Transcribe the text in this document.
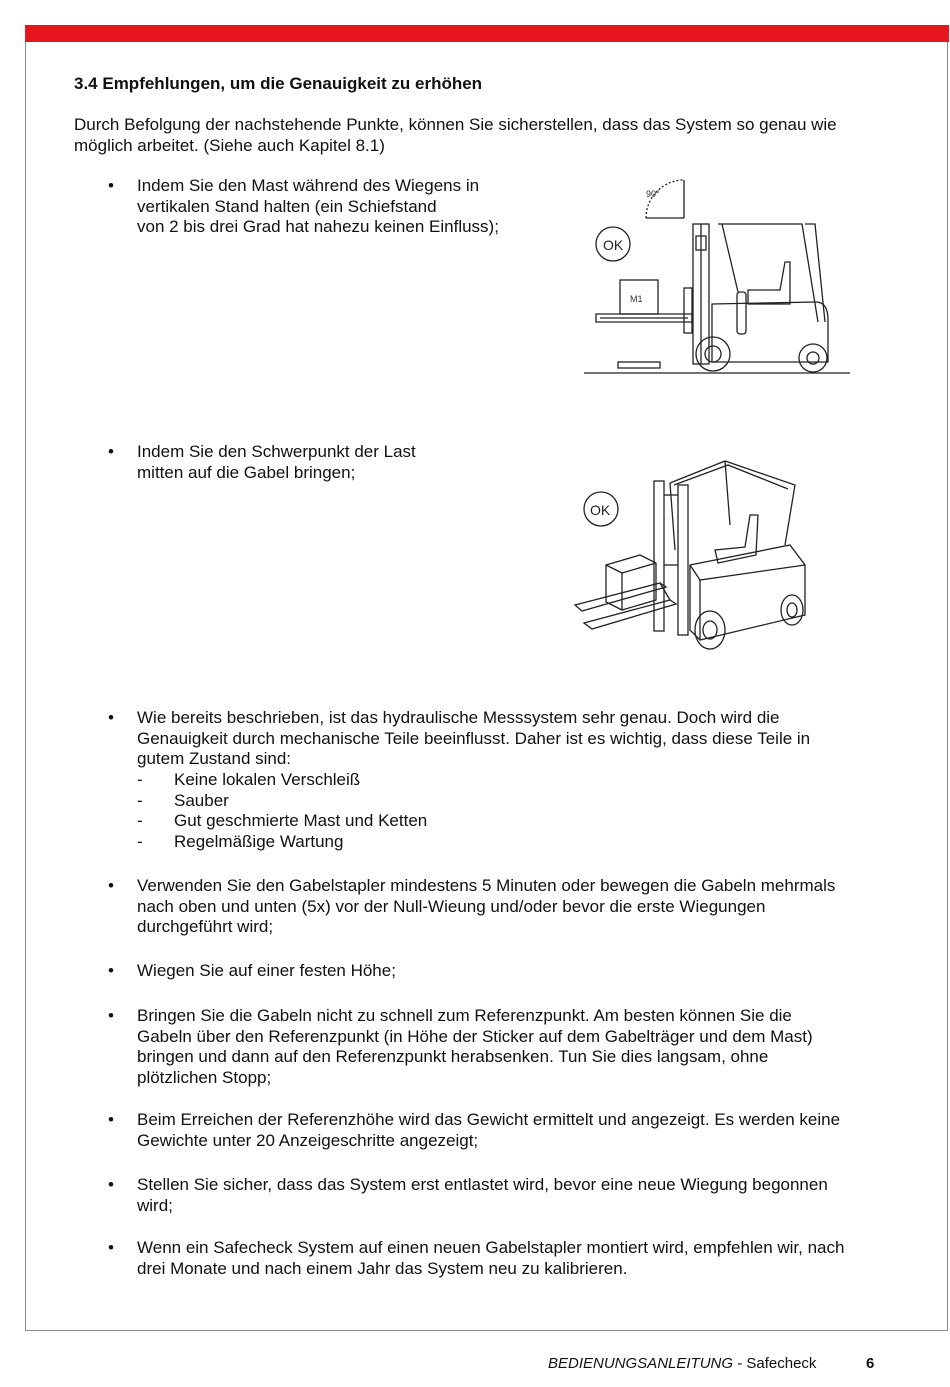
3.4 Empfehlungen, um die Genauigkeit zu erhöhen

Durch Befolgung der nachstehende Punkte, können Sie sicherstellen, dass das System so genau wie möglich arbeitet. (Siehe auch Kapitel 8.1)

• Indem Sie den Mast während des Wiegens in
vertikalen Stand halten (ein Schiefstand
von 2 bis drei Grad hat nahezu keinen Einfluss);
90°
OK
M1
• Indem Sie den Schwerpunkt der Last
mitten auf die Gabel bringen;
OK
• Wie bereits beschrieben, ist das hydraulische Messsystem sehr genau. Doch wird die
Genauigkeit durch mechanische Teile beeinflusst. Daher ist es wichtig, dass diese Teile in
gutem Zustand sind:
- Keine lokalen Verschleiß
- Sauber
- Gut geschmierte Mast und Ketten
- Regelmäßige Wartung
• Verwenden Sie den Gabelstapler mindestens 5 Minuten oder bewegen die Gabeln mehrmals
nach oben und unten (5x) vor der Null-Wieung und/oder bevor die erste Wiegungen
durchgeführt wird;
• Wiegen Sie auf einer festen Höhe;
• Bringen Sie die Gabeln nicht zu schnell zum Referenzpunkt. Am besten können Sie die
Gabeln über den Referenzpunkt (in Höhe der Sticker auf dem Gabelträger und dem Mast)
bringen und dann auf den Referenzpunkt herabsenken. Tun Sie dies langsam, ohne
plötzlichen Stopp;
• Beim Erreichen der Referenzhöhe wird das Gewicht ermittelt und angezeigt. Es werden keine
Gewichte unter 20 Anzeigeschritte angezeigt;
• Stellen Sie sicher, dass das System erst entlastet wird, bevor eine neue Wiegung begonnen
wird;
• Wenn ein Safecheck System auf einen neuen Gabelstapler montiert wird, empfehlen wir, nach
drei Monate und nach einem Jahr das System neu zu kalibrieren.
BEDIENUNGSANLEITUNG - Safecheck	6
